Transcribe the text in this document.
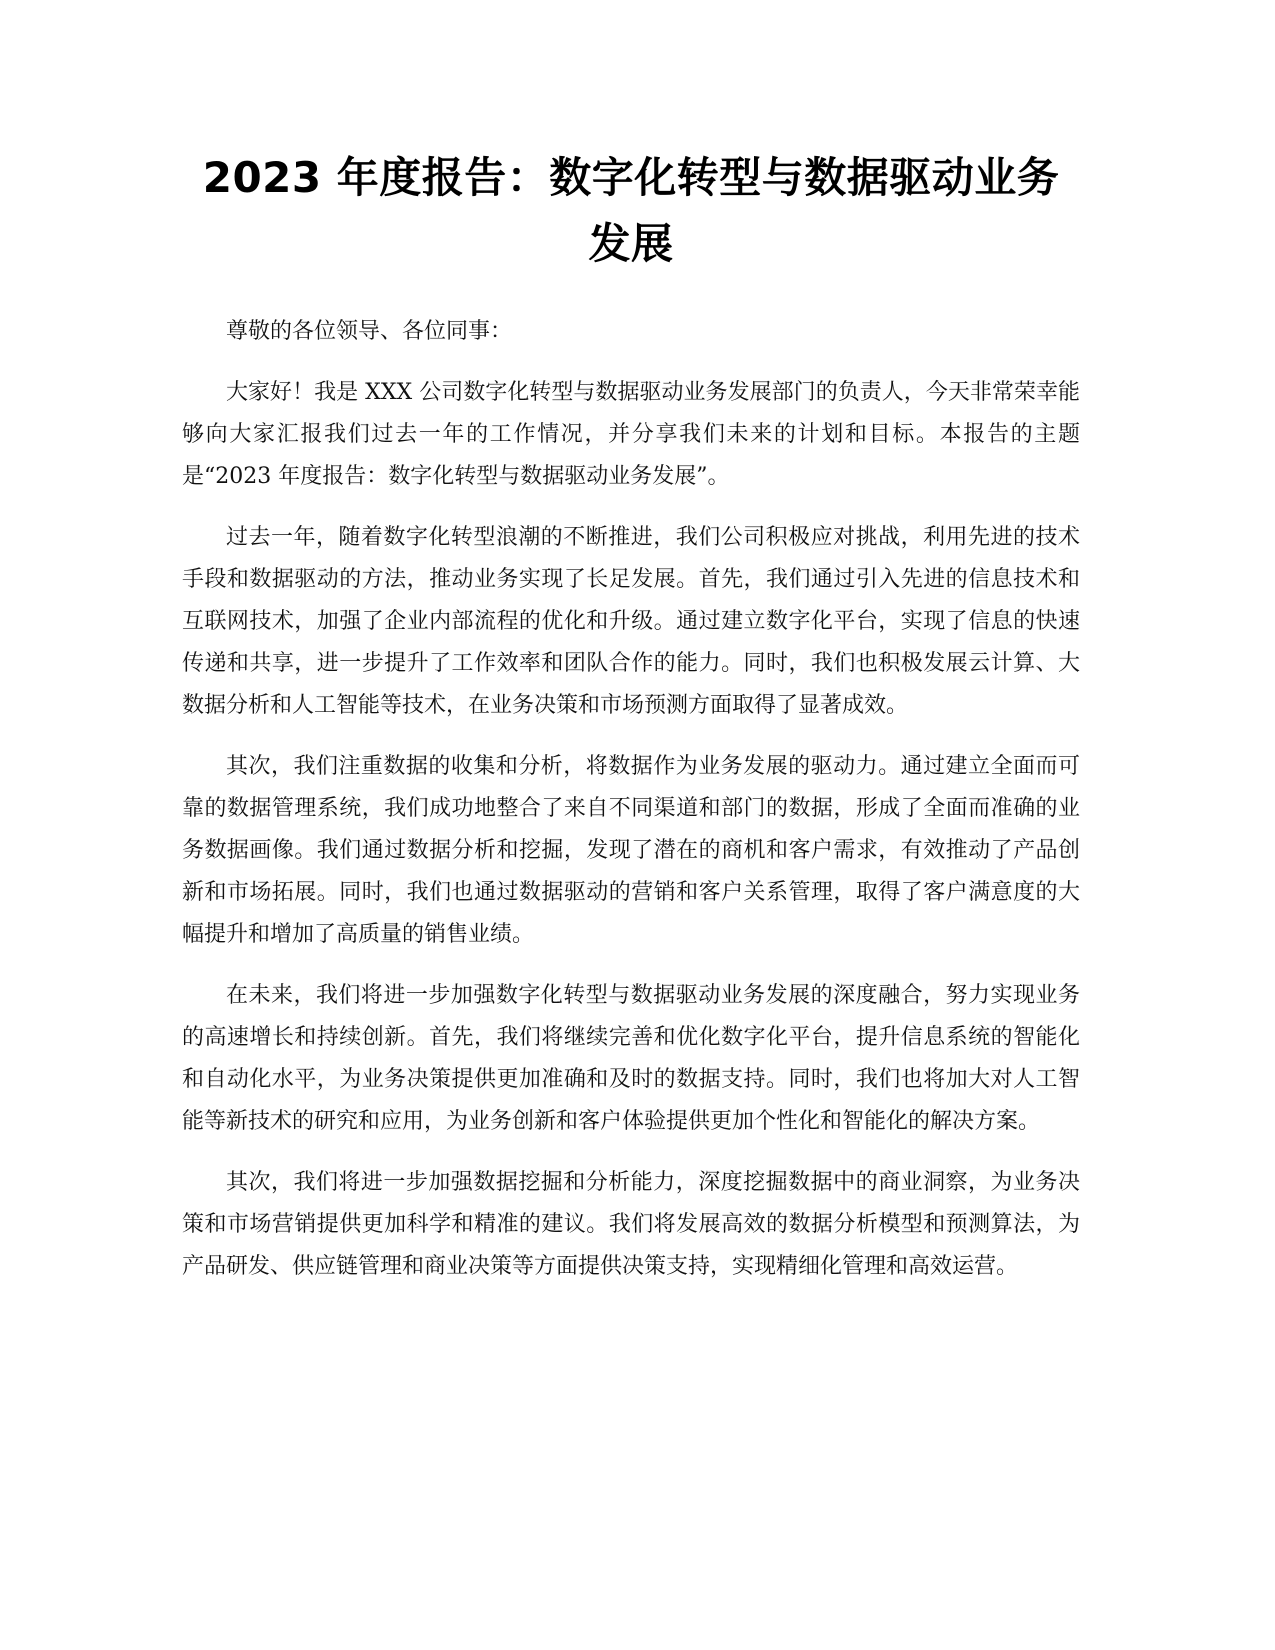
2023 年度报告：数字化转型与数据驱动业务
发展

尊敬的各位领导、各位同事：

大家好！我是 XXX 公司数字化转型与数据驱动业务发展部门的负责人，今天非常荣幸能够向大家汇报我们过去一年的工作情况，并分享我们未来的计划和目标。本报告的主题是“2023 年度报告：数字化转型与数据驱动业务发展”。

过去一年，随着数字化转型浪潮的不断推进，我们公司积极应对挑战，利用先进的技术手段和数据驱动的方法，推动业务实现了长足发展。首先，我们通过引入先进的信息技术和互联网技术，加强了企业内部流程的优化和升级。通过建立数字化平台，实现了信息的快速传递和共享，进一步提升了工作效率和团队合作的能力。同时，我们也积极发展云计算、大数据分析和人工智能等技术，在业务决策和市场预测方面取得了显著成效。

其次，我们注重数据的收集和分析，将数据作为业务发展的驱动力。通过建立全面而可靠的数据管理系统，我们成功地整合了来自不同渠道和部门的数据，形成了全面而准确的业务数据画像。我们通过数据分析和挖掘，发现了潜在的商机和客户需求，有效推动了产品创新和市场拓展。同时，我们也通过数据驱动的营销和客户关系管理，取得了客户满意度的大幅提升和增加了高质量的销售业绩。

在未来，我们将进一步加强数字化转型与数据驱动业务发展的深度融合，努力实现业务的高速增长和持续创新。首先，我们将继续完善和优化数字化平台，提升信息系统的智能化和自动化水平，为业务决策提供更加准确和及时的数据支持。同时，我们也将加大对人工智能等新技术的研究和应用，为业务创新和客户体验提供更加个性化和智能化的解决方案。

其次，我们将进一步加强数据挖掘和分析能力，深度挖掘数据中的商业洞察，为业务决策和市场营销提供更加科学和精准的建议。我们将发展高效的数据分析模型和预测算法，为产品研发、供应链管理和商业决策等方面提供决策支持，实现精细化管理和高效运营。
